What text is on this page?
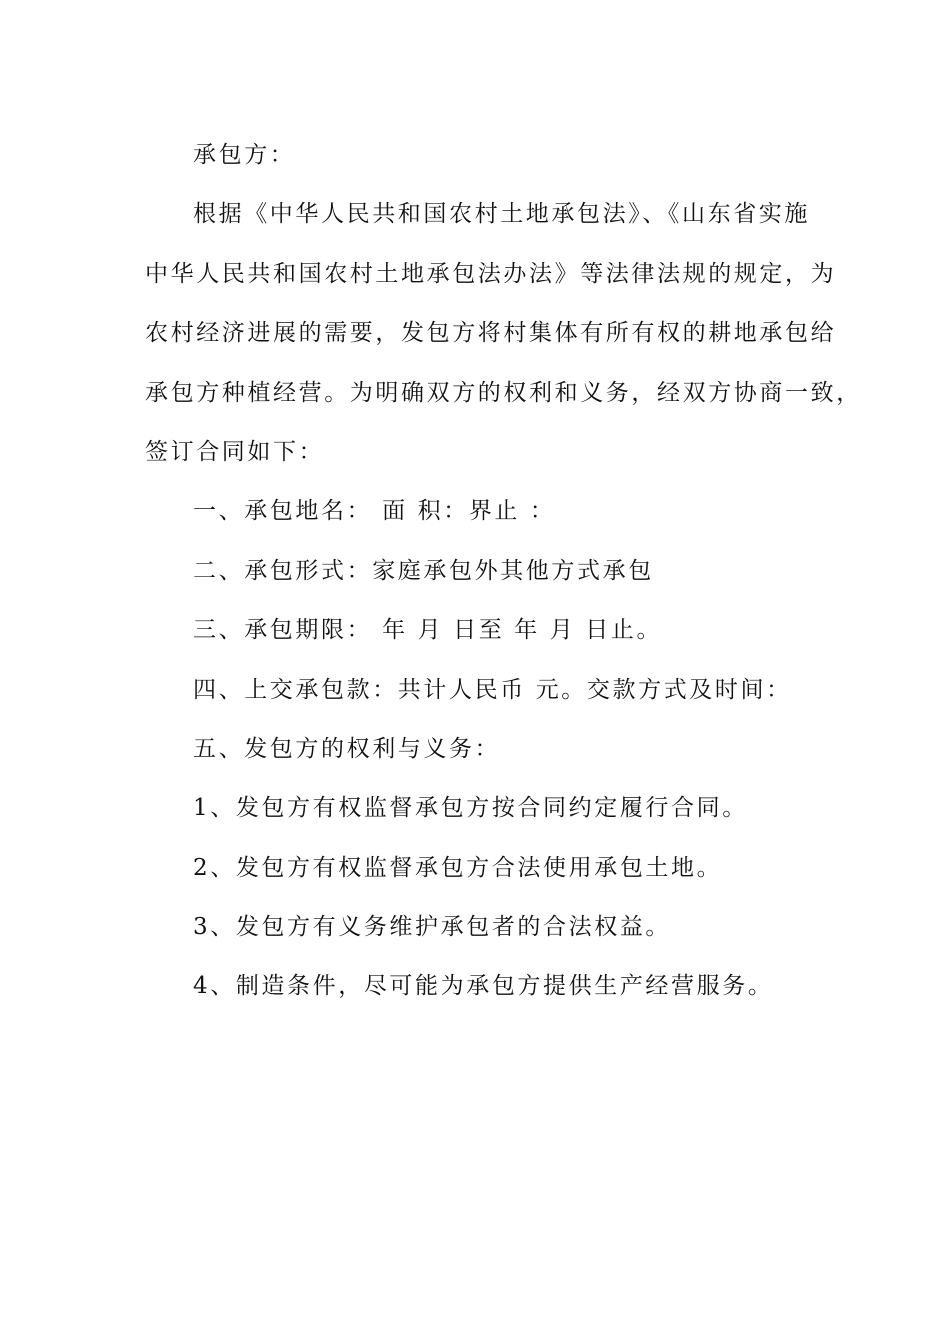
承包方：
根据《中华人民共和国农村土地承包法》、《山东省实施
中华人民共和国农村土地承包法办法》等法律法规的规定，为
农村经济进展的需要，发包方将村集体有所有权的耕地承包给
承包方种植经营。为明确双方的权利和义务，经双方协商一致，
签订合同如下：
一、承包地名： 面 积：界止 ：
二、承包形式：家庭承包外其他方式承包
三、承包期限： 年 月 日至 年 月 日止。
四、上交承包款：共计人民币 元。交款方式及时间：
五、发包方的权利与义务：
1、发包方有权监督承包方按合同约定履行合同。
2、发包方有权监督承包方合法使用承包土地。
3、发包方有义务维护承包者的合法权益。
4、制造条件，尽可能为承包方提供生产经营服务。
